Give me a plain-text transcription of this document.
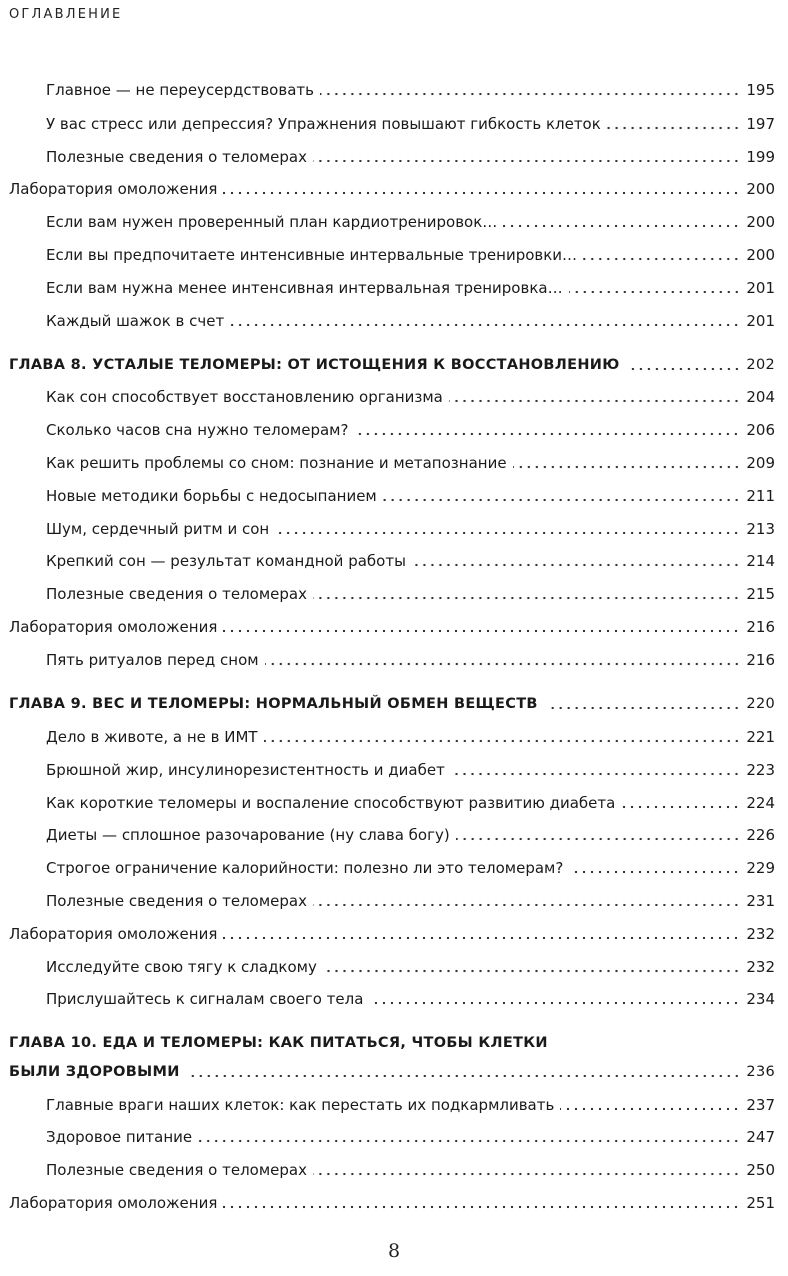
ОГЛАВЛЕНИЕ
Главное — не переусердствовать	195
У вас стресс или депрессия? Упражнения повышают гибкость клеток	197
Полезные сведения о теломерах	199
Лаборатория омоложения	200
Если вам нужен проверенный план кардиотренировок…	200
Если вы предпочитаете интенсивные интервальные тренировки…	200
Если вам нужна менее интенсивная интервальная тренировка…	201
Каждый шажок в счет	201
ГЛАВА 8. УСТАЛЫЕ ТЕЛОМЕРЫ: ОТ ИСТОЩЕНИЯ К ВОССТАНОВЛЕНИЮ	202
Как сон способствует восстановлению организма	204
Сколько часов сна нужно теломерам?	206
Как решить проблемы со сном: познание и метапознание	209
Новые методики борьбы с недосыпанием	211
Шум, сердечный ритм и сон	213
Крепкий сон — результат командной работы	214
Полезные сведения о теломерах	215
Лаборатория омоложения	216
Пять ритуалов перед сном	216
ГЛАВА 9. ВЕС И ТЕЛОМЕРЫ: НОРМАЛЬНЫЙ ОБМЕН ВЕЩЕСТВ	220
Дело в животе, а не в ИМТ	221
Брюшной жир, инсулинорезистентность и диабет	223
Как короткие теломеры и воспаление способствуют развитию диабета	224
Диеты — сплошное разочарование (ну слава богу)	226
Строгое ограничение калорийности: полезно ли это теломерам?	229
Полезные сведения о теломерах	231
Лаборатория омоложения	232
Исследуйте свою тягу к сладкому	232
Прислушайтесь к сигналам своего тела	234
ГЛАВА 10. ЕДА И ТЕЛОМЕРЫ: КАК ПИТАТЬСЯ, ЧТОБЫ КЛЕТКИ
БЫЛИ ЗДОРОВЫМИ	236
Главные враги наших клеток: как перестать их подкармливать	237
Здоровое питание	247
Полезные сведения о теломерах	250
Лаборатория омоложения	251
8
